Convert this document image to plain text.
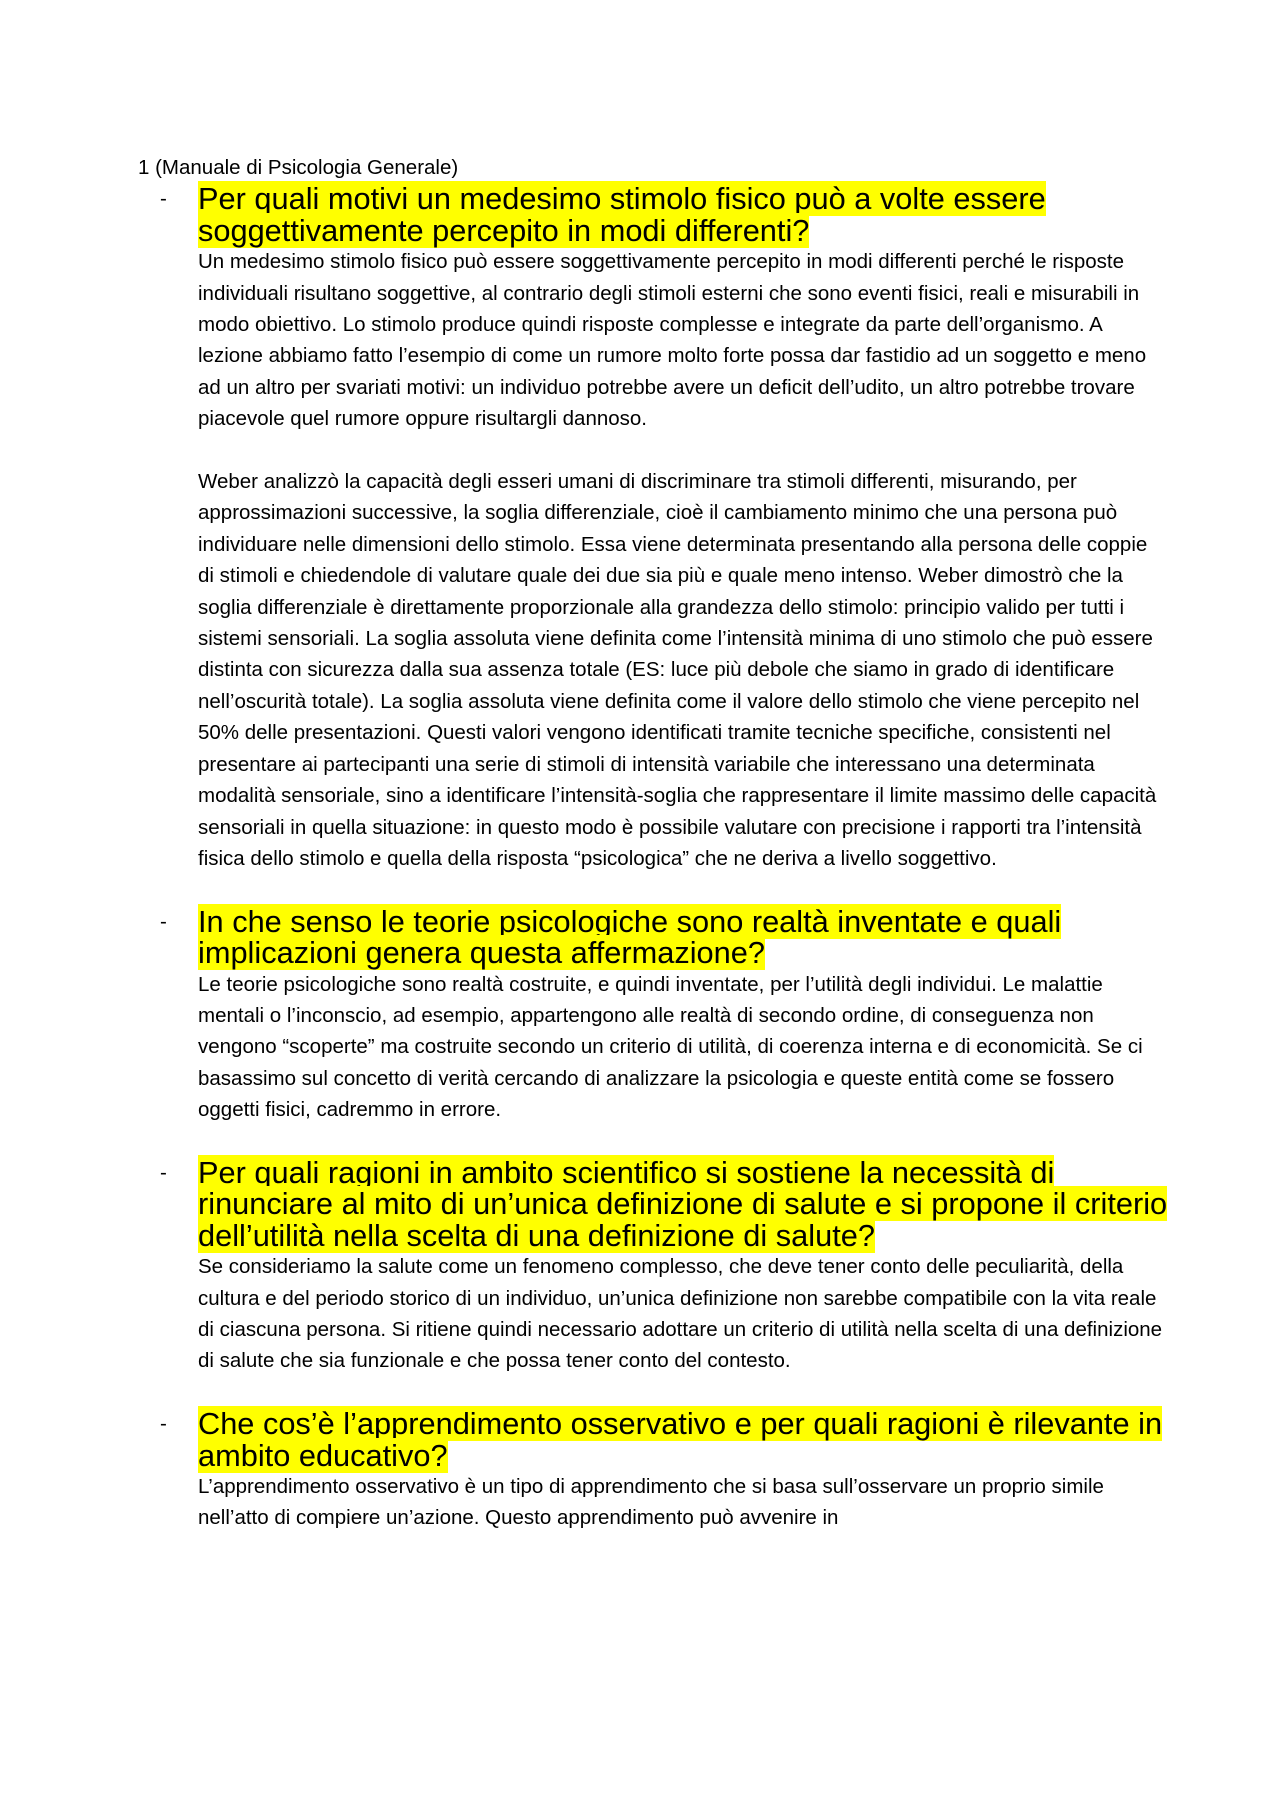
1 (Manuale di Psicologia Generale)
- Per quali motivi un medesimo stimolo fisico può a volte essere soggettivamente percepito in modi differenti?

Un medesimo stimolo fisico può essere soggettivamente percepito in modi differenti perché le risposte individuali risultano soggettive, al contrario degli stimoli esterni che sono eventi fisici, reali e misurabili in modo obiettivo. Lo stimolo produce quindi risposte complesse e integrate da parte dell’organismo. A lezione abbiamo fatto l’esempio di come un rumore molto forte possa dar fastidio ad un soggetto e meno ad un altro per svariati motivi: un individuo potrebbe avere un deficit dell’udito, un altro potrebbe trovare piacevole quel rumore oppure risultargli dannoso.

Weber analizzò la capacità degli esseri umani di discriminare tra stimoli differenti, misurando, per approssimazioni successive, la soglia differenziale, cioè il cambiamento minimo che una persona può individuare nelle dimensioni dello stimolo. Essa viene determinata presentando alla persona delle coppie di stimoli e chiedendole di valutare quale dei due sia più e quale meno intenso. Weber dimostrò che la soglia differenziale è direttamente proporzionale alla grandezza dello stimolo: principio valido per tutti i sistemi sensoriali. La soglia assoluta viene definita come l’intensità minima di uno stimolo che può essere distinta con sicurezza dalla sua assenza totale (ES: luce più debole che siamo in grado di identificare nell’oscurità totale). La soglia assoluta viene definita come il valore dello stimolo che viene percepito nel 50% delle presentazioni. Questi valori vengono identificati tramite tecniche specifiche, consistenti nel presentare ai partecipanti una serie di stimoli di intensità variabile che interessano una determinata modalità sensoriale, sino a identificare l’intensità-soglia che rappresentare il limite massimo delle capacità sensoriali in quella situazione: in questo modo è possibile valutare con precisione i rapporti tra l’intensità fisica dello stimolo e quella della risposta “psicologica” che ne deriva a livello soggettivo.

- In che senso le teorie psicologiche sono realtà inventate e quali implicazioni genera questa affermazione?

Le teorie psicologiche sono realtà costruite, e quindi inventate, per l’utilità degli individui. Le malattie mentali o l’inconscio, ad esempio, appartengono alle realtà di secondo ordine, di conseguenza non vengono “scoperte” ma costruite secondo un criterio di utilità, di coerenza interna e di economicità. Se ci basassimo sul concetto di verità cercando di analizzare la psicologia e queste entità come se fossero oggetti fisici, cadremmo in errore.

- Per quali ragioni in ambito scientifico si sostiene la necessità di rinunciare al mito di un’unica definizione di salute e si propone il criterio dell’utilità nella scelta di una definizione di salute?

Se consideriamo la salute come un fenomeno complesso, che deve tener conto delle peculiarità, della cultura e del periodo storico di un individuo, un’unica definizione non sarebbe compatibile con la vita reale di ciascuna persona. Si ritiene quindi necessario adottare un criterio di utilità nella scelta di una definizione di salute che sia funzionale e che possa tener conto del contesto.

- Che cos’è l’apprendimento osservativo e per quali ragioni è rilevante in ambito educativo?

L’apprendimento osservativo è un tipo di apprendimento che si basa sull’osservare un proprio simile nell’atto di compiere un’azione. Questo apprendimento può avvenire in
